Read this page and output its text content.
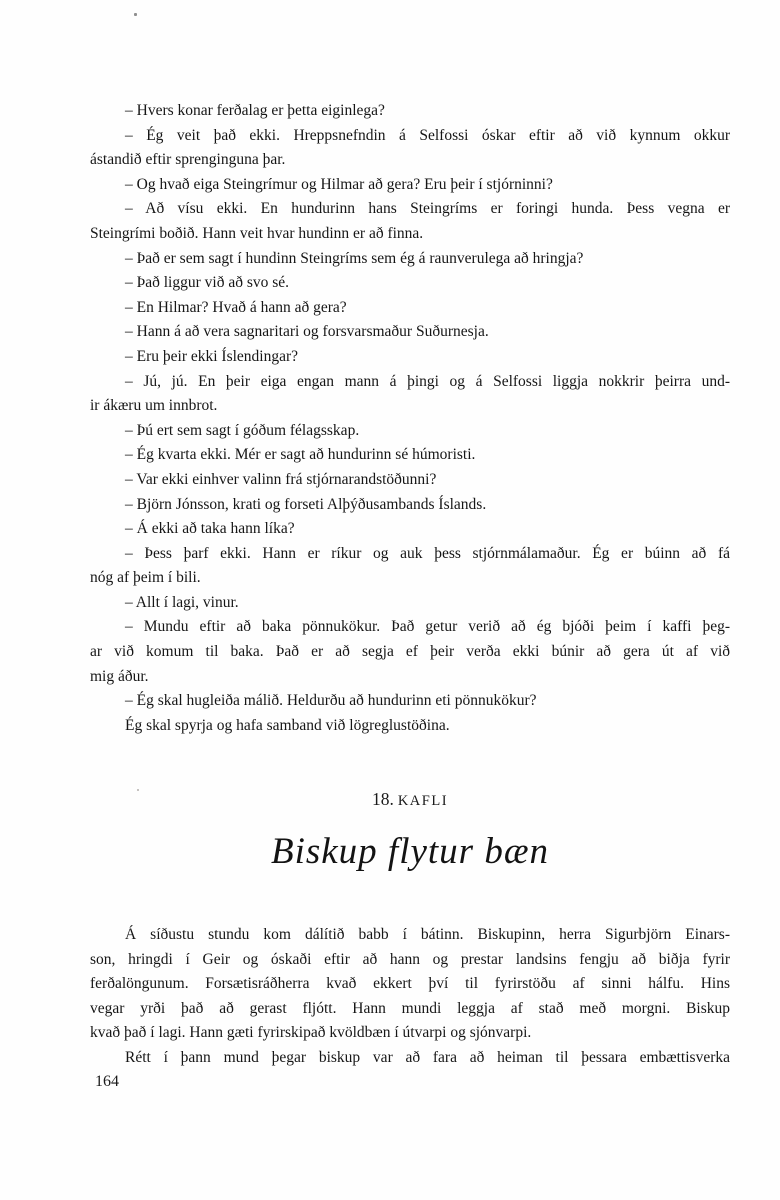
– Hvers konar ferðalag er þetta eiginlega?
– Ég veit það ekki. Hreppsnefndin á Selfossi óskar eftir að við kynnum okkur
ástandið eftir sprenginguna þar.
– Og hvað eiga Steingrímur og Hilmar að gera? Eru þeir í stjórninni?
– Að vísu ekki. En hundurinn hans Steingríms er foringi hunda. Þess vegna er
Steingrími boðið. Hann veit hvar hundinn er að finna.
– Það er sem sagt í hundinn Steingríms sem ég á raunverulega að hringja?
– Það liggur við að svo sé.
– En Hilmar? Hvað á hann að gera?
– Hann á að vera sagnaritari og forsvarsmaður Suðurnesja.
– Eru þeir ekki Íslendingar?
– Jú, jú. En þeir eiga engan mann á þingi og á Selfossi liggja nokkrir þeirra und-
ir ákæru um innbrot.
– Þú ert sem sagt í góðum félagsskap.
– Ég kvarta ekki. Mér er sagt að hundurinn sé húmoristi.
– Var ekki einhver valinn frá stjórnarandstöðunni?
– Björn Jónsson, krati og forseti Alþýðusambands Íslands.
– Á ekki að taka hann líka?
– Þess þarf ekki. Hann er ríkur og auk þess stjórnmálamaður. Ég er búinn að fá
nóg af þeim í bili.
– Allt í lagi, vinur.
– Mundu eftir að baka pönnukökur. Það getur verið að ég bjóði þeim í kaffi þeg-
ar við komum til baka. Það er að segja ef þeir verða ekki búnir að gera út af við
mig áður.
– Ég skal hugleiða málið. Heldurðu að hundurinn eti pönnukökur?
Ég skal spyrja og hafa samband við lögreglustöðina.
18. KAFLI
Biskup flytur bæn
Á síðustu stundu kom dálítið babb í bátinn. Biskupinn, herra Sigurbjörn Einars-
son, hringdi í Geir og óskaði eftir að hann og prestar landsins fengju að biðja fyrir
ferðalöngunum. Forsætisráðherra kvað ekkert því til fyrirstöðu af sinni hálfu. Hins
vegar yrði það að gerast fljótt. Hann mundi leggja af stað með morgni. Biskup
kvað það í lagi. Hann gæti fyrirskipað kvöldbæn í útvarpi og sjónvarpi.
Rétt í þann mund þegar biskup var að fara að heiman til þessara embættisverka
164
